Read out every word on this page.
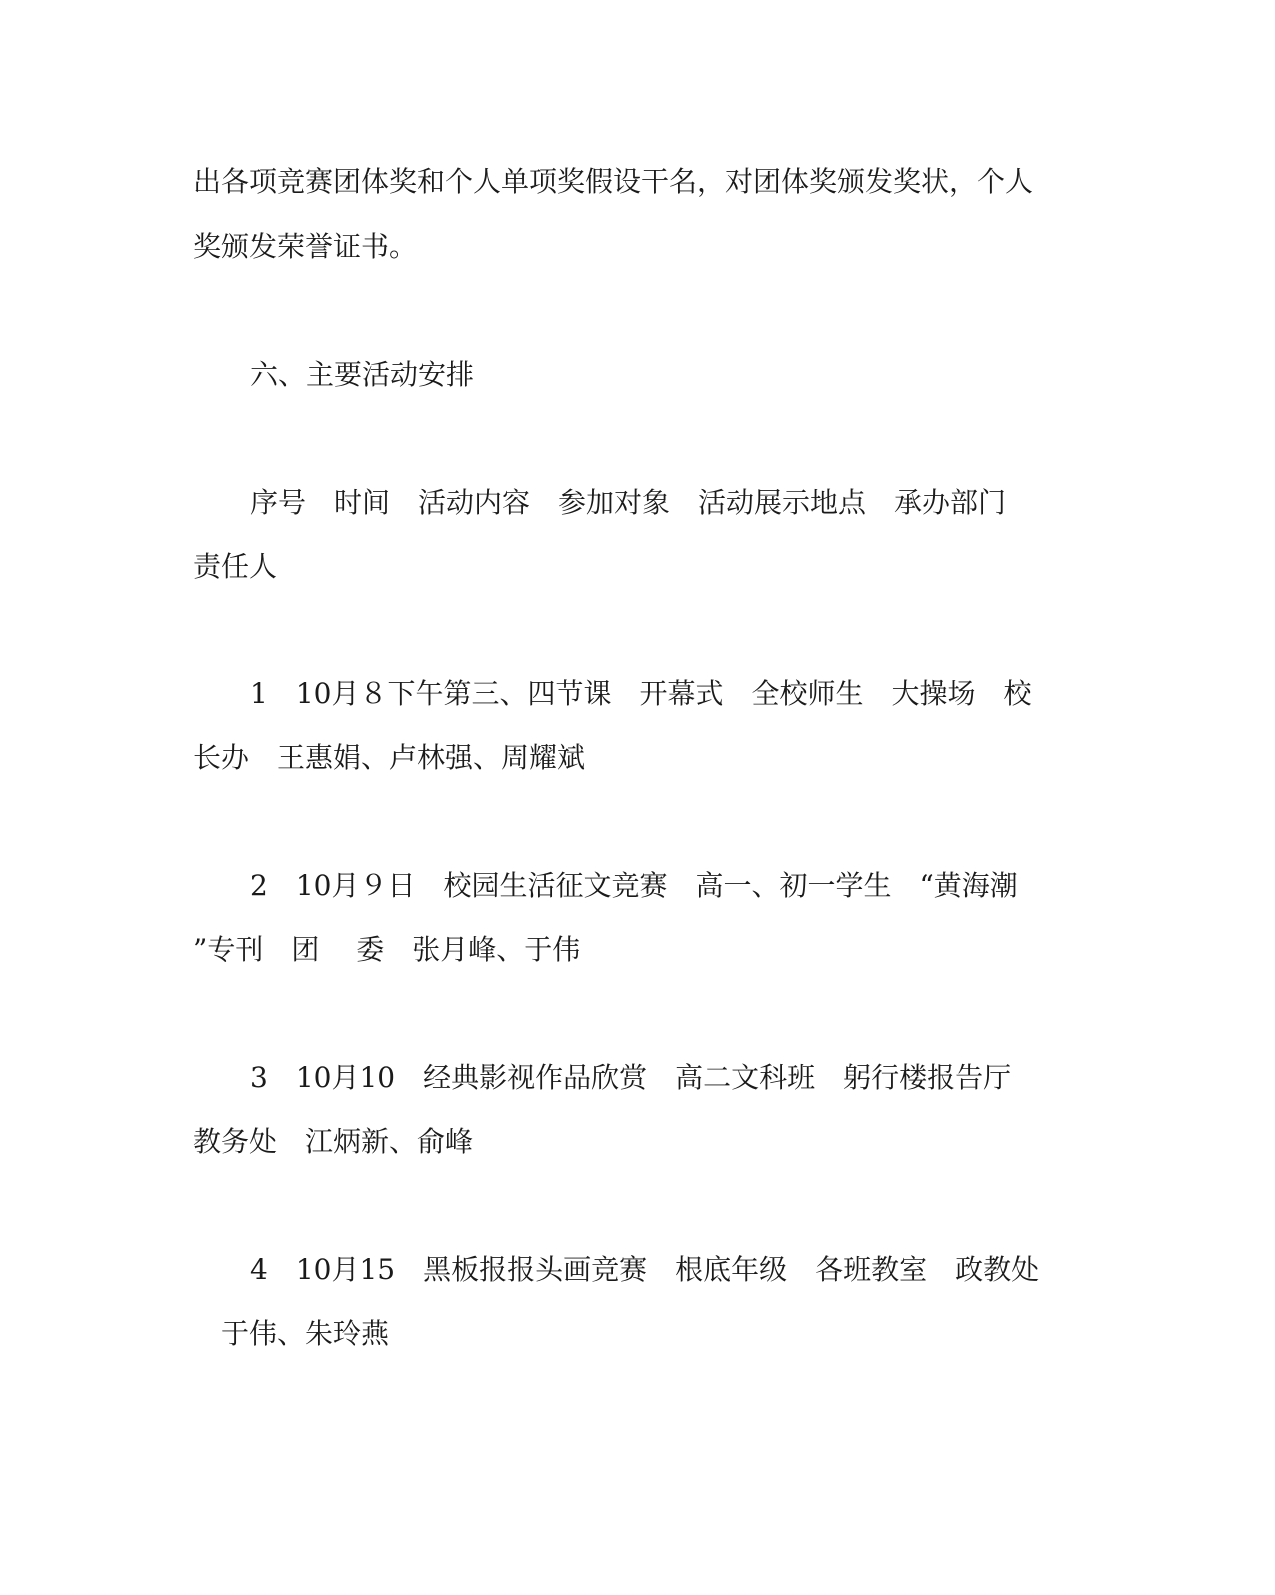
出各项竞赛团体奖和个人单项奖假设干名，对团体奖颁发奖状，个人
奖颁发荣誉证书。
六、主要活动安排
序号　时间　活动内容　参加对象　活动展示地点　承办部门
责任人
1　10月８下午第三、四节课　开幕式　全校师生　大操场　校
长办　王惠娟、卢林强、周耀斌
2　10月９日　校园生活征文竞赛　高一、初一学生　“黄海潮
”专刊　团　 委　张月峰、于伟
3　10月10　经典影视作品欣赏　高二文科班　躬行楼报告厅
教务处　江炳新、俞峰
4　10月15　黑板报报头画竞赛　根底年级　各班教室　政教处
　于伟、朱玲燕
